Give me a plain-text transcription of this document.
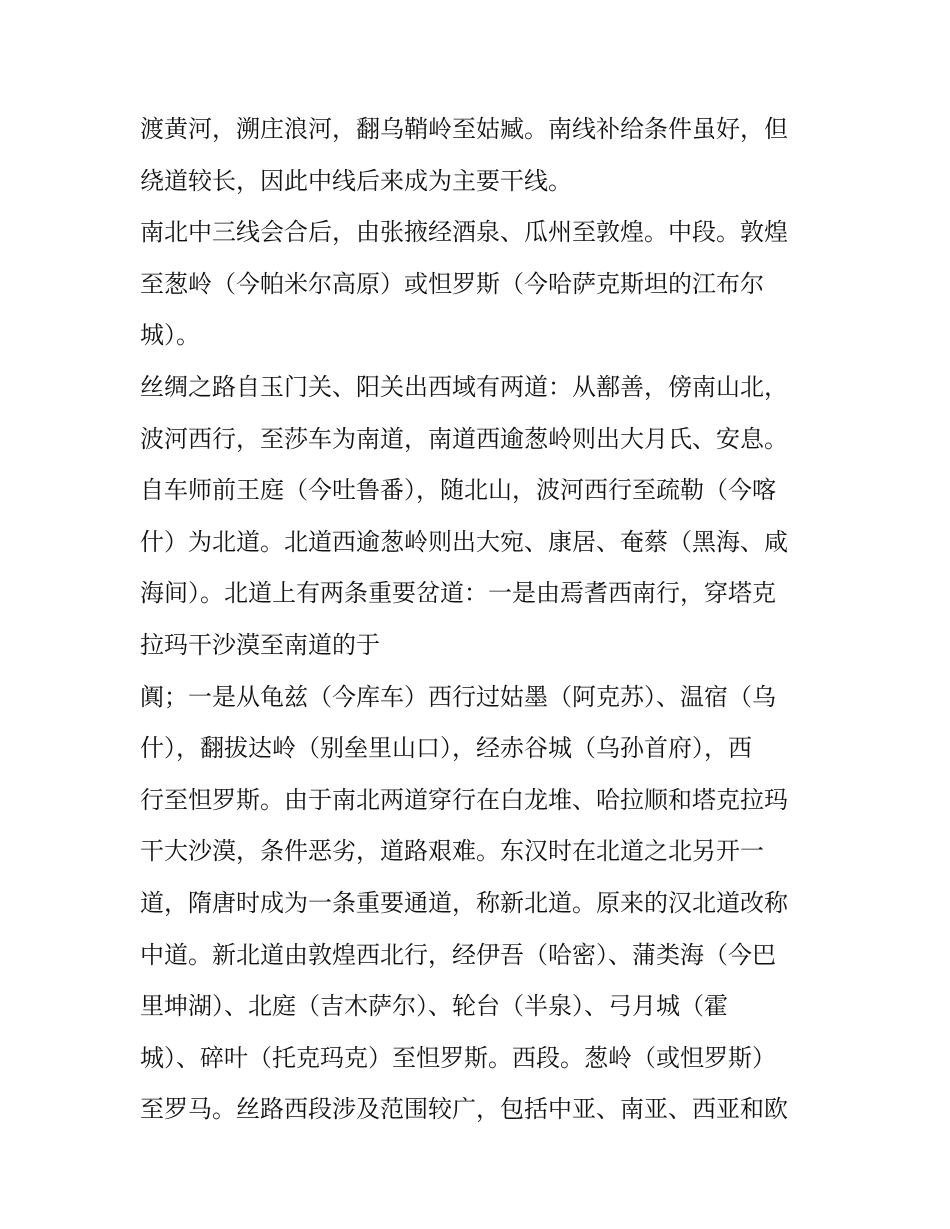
渡黄河，溯庄浪河，翻乌鞘岭至姑臧。南线补给条件虽好，但
绕道较长，因此中线后来成为主要干线。
南北中三线会合后，由张掖经酒泉、瓜州至敦煌。中段。敦煌
至葱岭（今帕米尔高原）或怛罗斯（今哈萨克斯坦的江布尔
城）。
丝绸之路自玉门关、阳关出西域有两道：从鄯善，傍南山北，
波河西行，至莎车为南道，南道西逾葱岭则出大月氏、安息。
自车师前王庭（今吐鲁番），随北山，波河西行至疏勒（今喀
什）为北道。北道西逾葱岭则出大宛、康居、奄蔡（黑海、咸
海间）。北道上有两条重要岔道：一是由焉耆西南行，穿塔克
拉玛干沙漠至南道的于
阗；一是从龟兹（今库车）西行过姑墨（阿克苏）、温宿（乌
什），翻拔达岭（别垒里山口），经赤谷城（乌孙首府），西
行至怛罗斯。由于南北两道穿行在白龙堆、哈拉顺和塔克拉玛
干大沙漠，条件恶劣，道路艰难。东汉时在北道之北另开一
道，隋唐时成为一条重要通道，称新北道。原来的汉北道改称
中道。新北道由敦煌西北行，经伊吾（哈密）、蒲类海（今巴
里坤湖）、北庭（吉木萨尔）、轮台（半泉）、弓月城（霍
城）、碎叶（托克玛克）至怛罗斯。西段。葱岭（或怛罗斯）
至罗马。丝路西段涉及范围较广，包括中亚、南亚、西亚和欧
